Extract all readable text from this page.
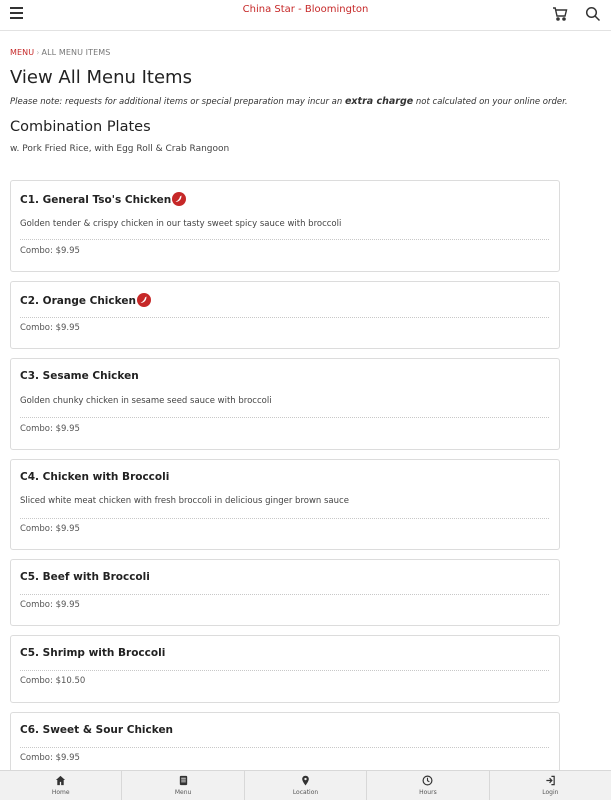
China Star - Bloomington
MENU › ALL MENU ITEMS
View All Menu Items

Please note: requests for additional items or special preparation may incur an extra charge not calculated on your online order.

Combination Plates

w. Pork Fried Rice, with Egg Roll & Crab Rangoon

C1. General Tso's Chicken
Golden tender & crispy chicken in our tasty sweet spicy sauce with broccoli
Combo: $9.95
C2. Orange Chicken
Combo: $9.95
C3. Sesame Chicken
Golden chunky chicken in sesame seed sauce with broccoli
Combo: $9.95
C4. Chicken with Broccoli
Sliced white meat chicken with fresh broccoli in delicious ginger brown sauce
Combo: $9.95
C5. Beef with Broccoli
Combo: $9.95
C5. Shrimp with Broccoli
Combo: $10.50
C6. Sweet & Sour Chicken
Combo: $9.95
Home	Menu	Location	Hours	Login
